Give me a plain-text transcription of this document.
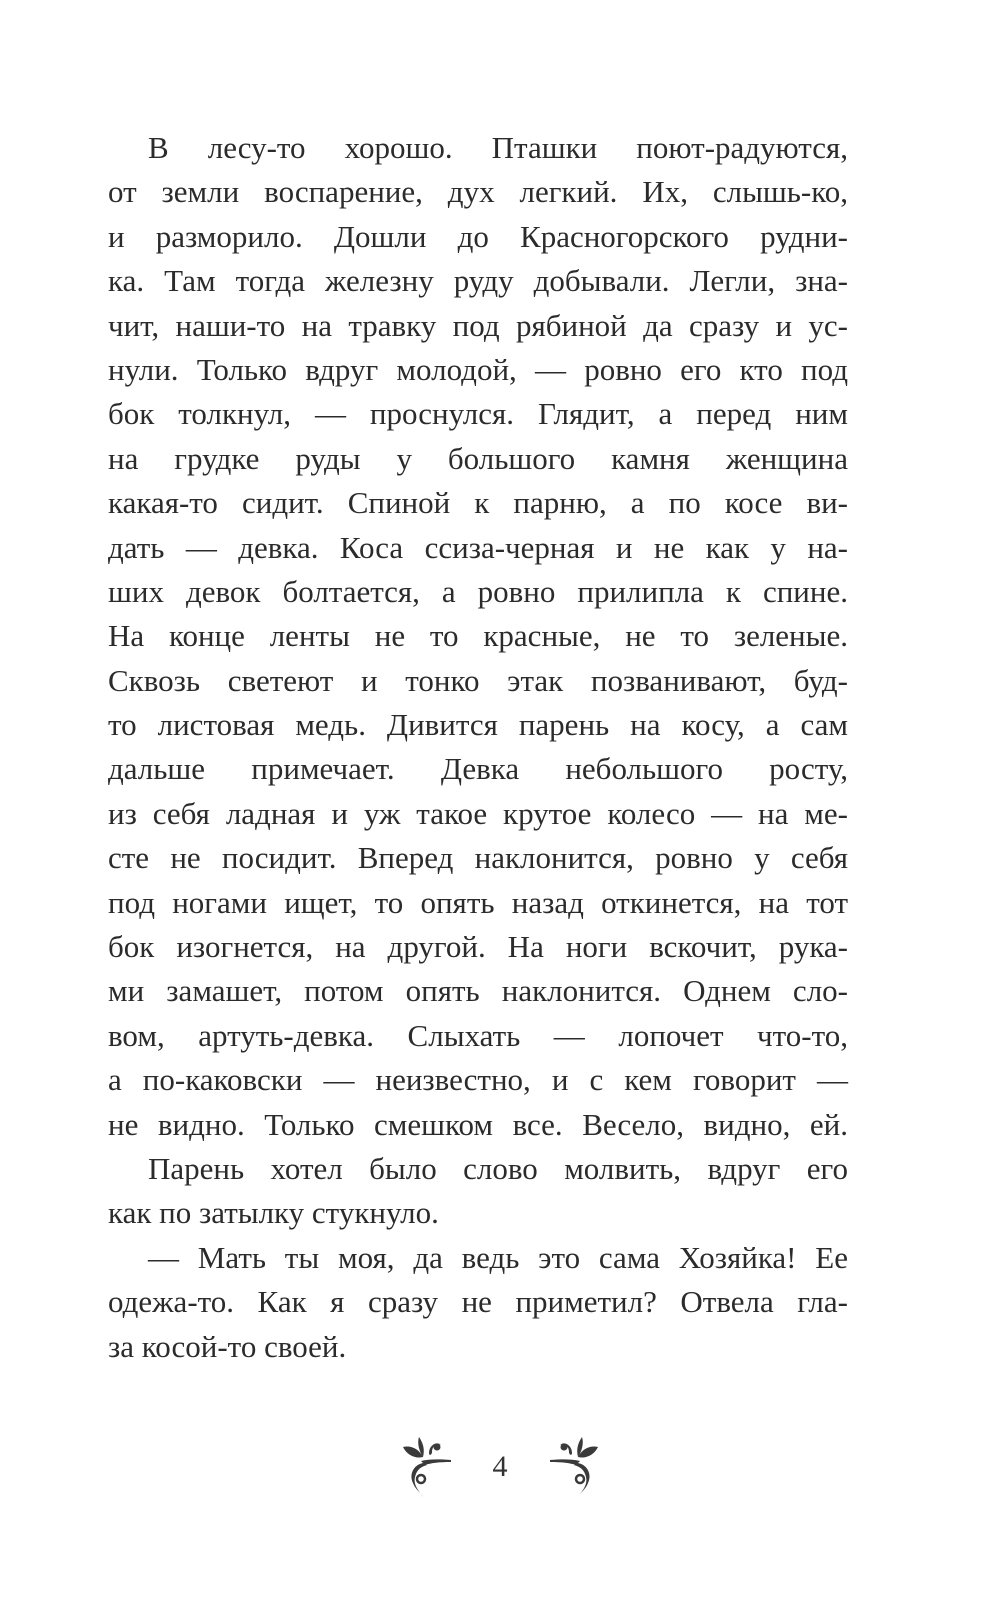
В лесу-то хорошо. Пташки поют-радуются,
от земли воспарение, дух легкий. Их, слышь-ко,
и разморило. Дошли до Красногорского рудни-
ка. Там тогда железну руду добывали. Легли, зна-
чит, наши-то на травку под рябиной да сразу и ус-
нули. Только вдруг молодой, — ровно его кто под
бок толкнул, — проснулся. Глядит, а перед ним
на грудке руды у большого камня женщина
какая-то сидит. Спиной к парню, а по косе ви-
дать — девка. Коса ссиза-черная и не как у на-
ших девок болтается, а ровно прилипла к спине.
На конце ленты не то красные, не то зеленые.
Сквозь светеют и тонко этак позванивают, буд-
то листовая медь. Дивится парень на косу, а сам
дальше примечает. Девка небольшого росту,
из себя ладная и уж такое крутое колесо — на ме-
сте не посидит. Вперед наклонится, ровно у себя
под ногами ищет, то опять назад откинется, на тот
бок изогнется, на другой. На ноги вскочит, рука-
ми замашет, потом опять наклонится. Однем сло-
вом, артуть-девка. Слыхать — лопочет что-то,
а по-каковски — неизвестно, и с кем говорит —
не видно. Только смешком все. Весело, видно, ей.
Парень хотел было слово молвить, вдруг его
как по затылку стукнуло.
— Мать ты моя, да ведь это сама Хозяйка! Ее
одежа-то. Как я сразу не приметил? Отвела гла-
за косой-то своей.
4
